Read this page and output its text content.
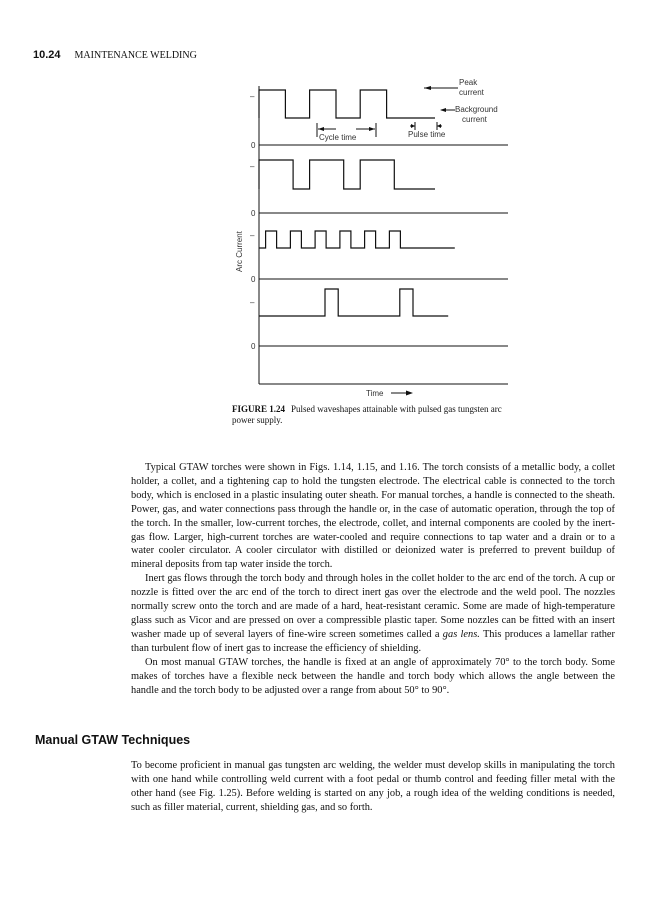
10.24 MAINTENANCE WELDING
Peak
current
Background
current
Cycle time	Pulse time
Time
Arc Current
0
0
0
0
–
–
–
–
FIGURE 1.24 Pulsed waveshapes attainable with pulsed gas tungsten arc power supply.

Typical GTAW torches were shown in Figs. 1.14, 1.15, and 1.16. The torch consists of a metallic body, a collet holder, a collet, and a tightening cap to hold the tungsten electrode. The electrical cable is connected to the torch body, which is enclosed in a plastic insulating outer sheath. For manual torches, a handle is connected to the sheath. Power, gas, and water connections pass through the handle or, in the case of automatic operation, through the top of the torch. In the smaller, low-current torches, the electrode, collet, and internal components are cooled by the inert-gas flow. Larger, high-current torches are water-cooled and require connections to tap water and a drain or to a water cooler circulator. A cooler circulator with distilled or deionized water is preferred to prevent buildup of mineral deposits from tap water inside the torch.

Inert gas flows through the torch body and through holes in the collet holder to the arc end of the torch. A cup or nozzle is fitted over the arc end of the torch to direct inert gas over the electrode and the weld pool. The nozzles normally screw onto the torch and are made of a hard, heat-resistant ceramic. Some are made of high-temperature glass such as Vicor and are pressed on over a compressible plastic taper. Some nozzles can be fitted with an insert washer made up of several layers of fine-wire screen sometimes called a gas lens. This produces a lamellar rather than turbulent flow of inert gas to increase the efficiency of shielding.

On most manual GTAW torches, the handle is fixed at an angle of approximately 70° to the torch body. Some makes of torches have a flexible neck between the handle and torch body which allows the angle between the handle and the torch body to be adjusted over a range from about 50° to 90°.

Manual GTAW Techniques

To become proficient in manual gas tungsten arc welding, the welder must develop skills in manipulating the torch with one hand while controlling weld current with a foot pedal or thumb control and feeding filler metal with the other hand (see Fig. 1.25). Before welding is started on any job, a rough idea of the welding conditions is needed, such as filler material, current, shielding gas, and so forth.
